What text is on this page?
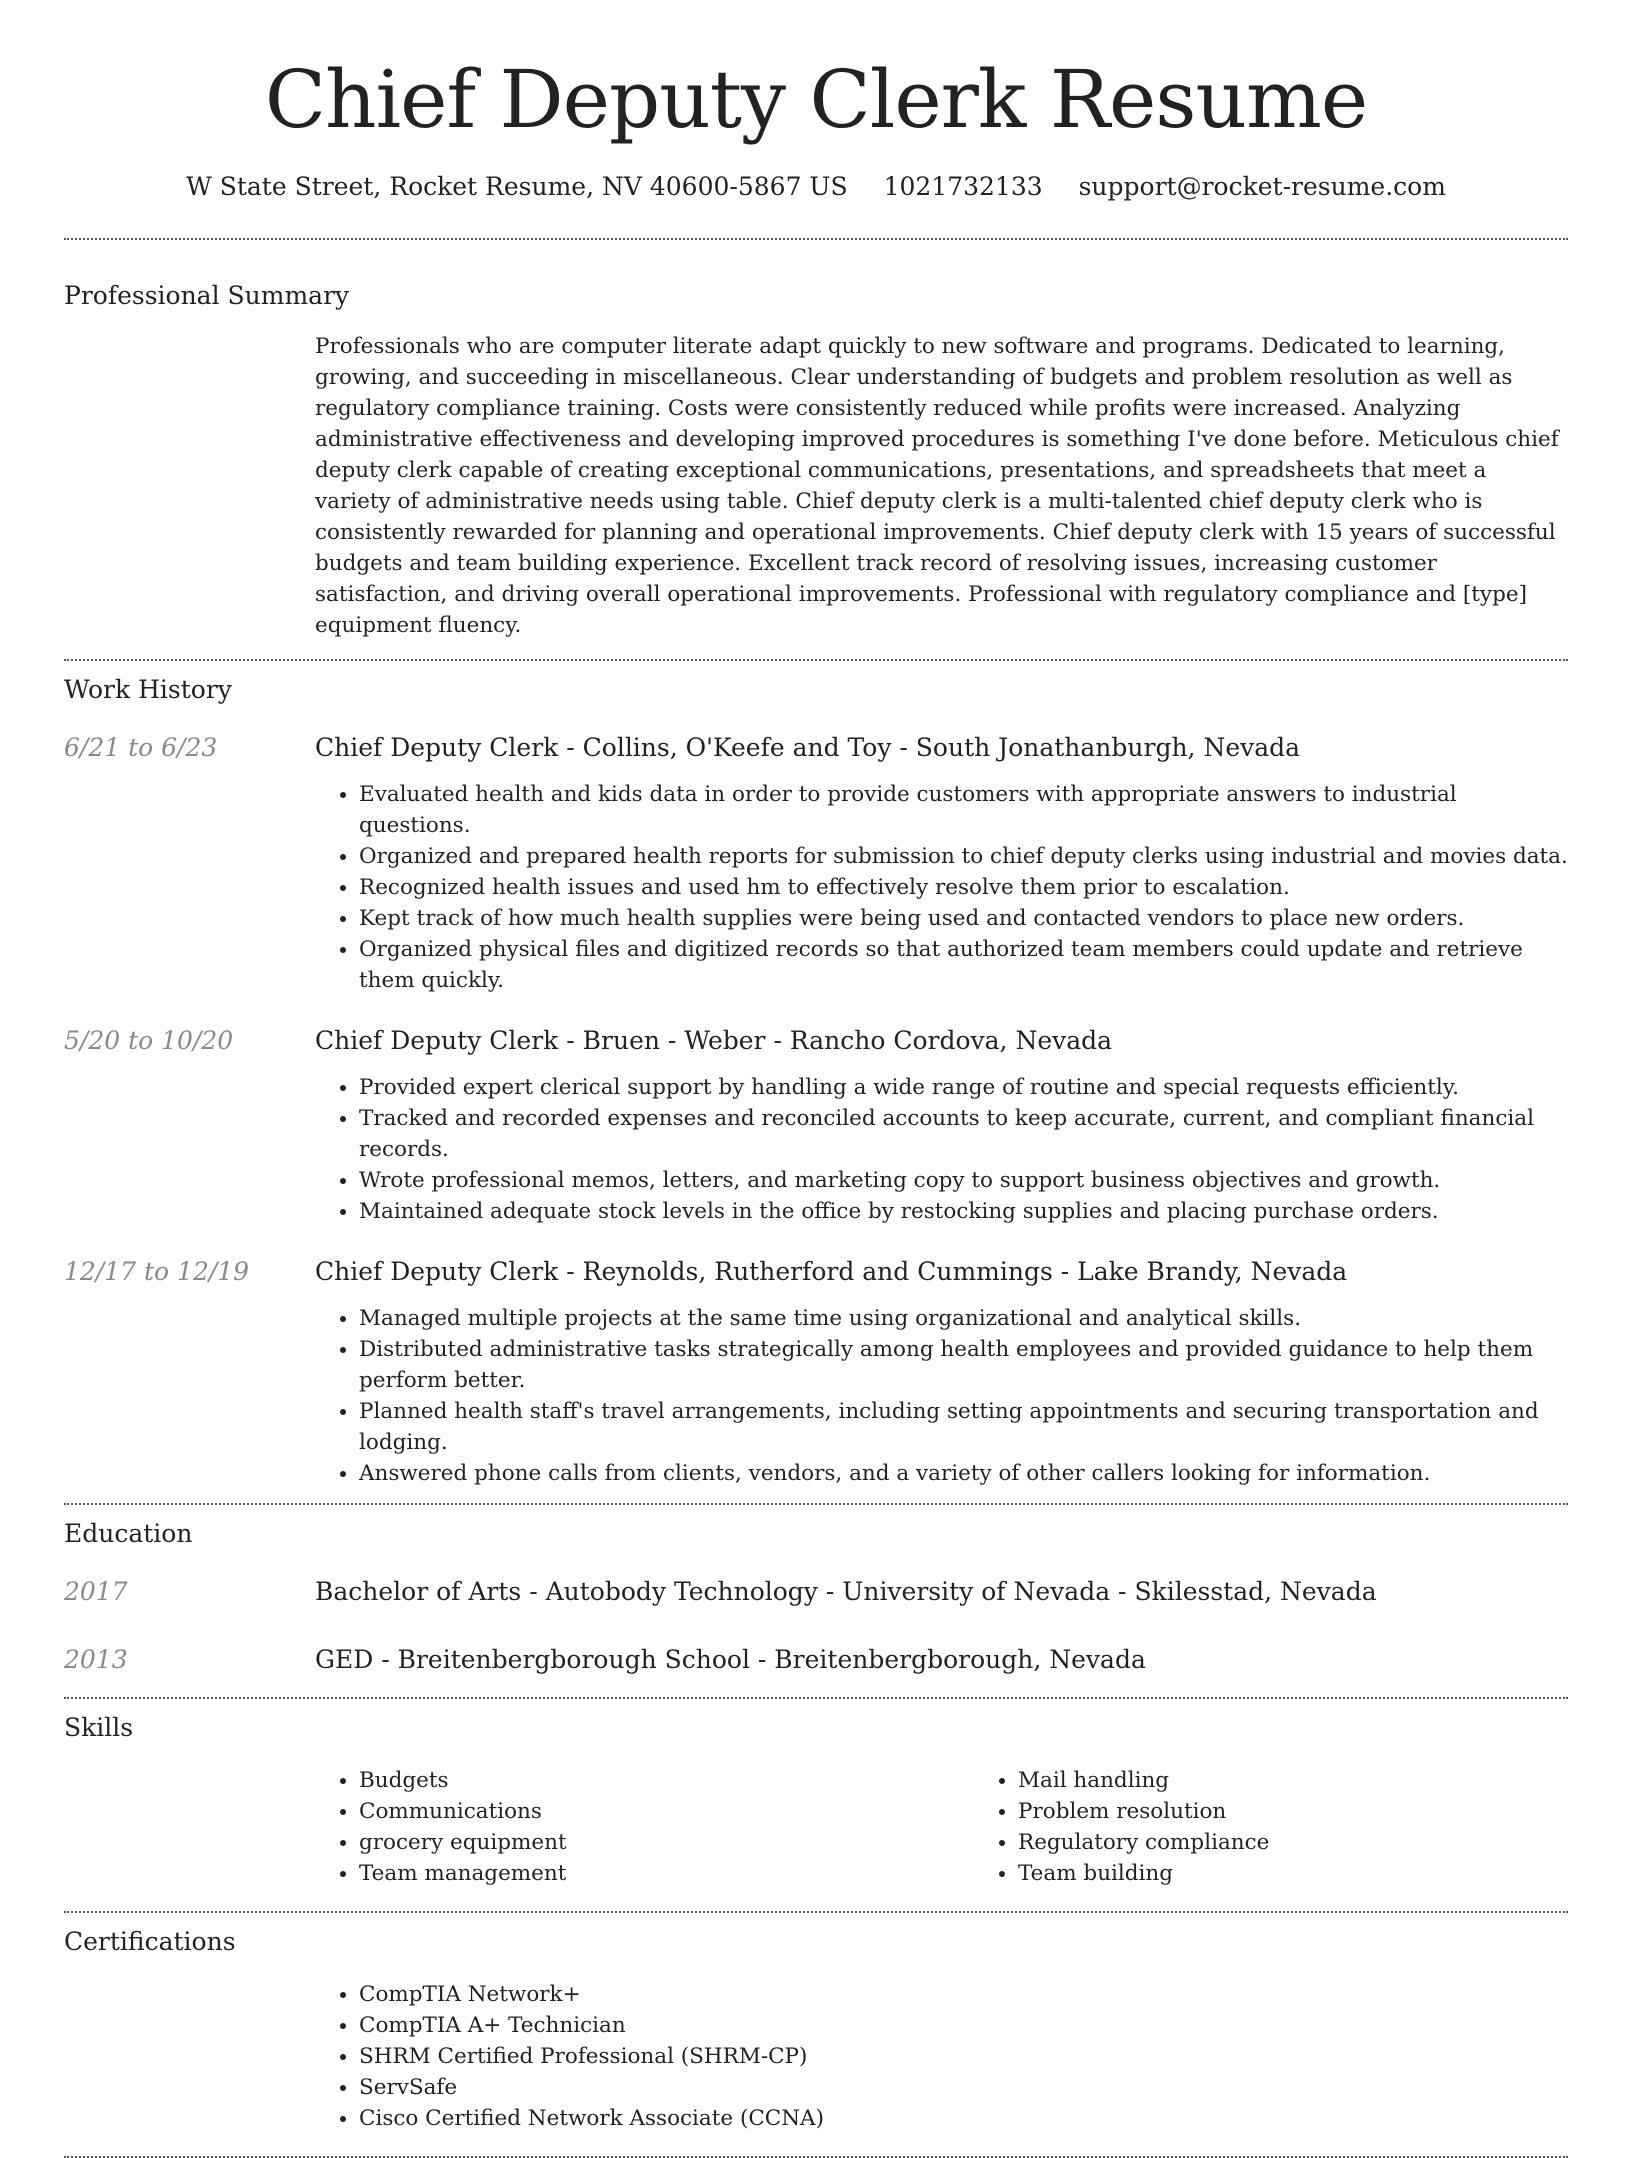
Chief Deputy Clerk Resume
W State Street, Rocket Resume, NV 40600-5867 US 1021732133 support@rocket-resume.com
Professional Summary

Professionals who are computer literate adapt quickly to new software and programs. Dedicated to learning, growing, and succeeding in miscellaneous. Clear understanding of budgets and problem resolution as well as regulatory compliance training. Costs were consistently reduced while profits were increased. Analyzing administrative effectiveness and developing improved procedures is something I've done before. Meticulous chief deputy clerk capable of creating exceptional communications, presentations, and spreadsheets that meet a variety of administrative needs using table. Chief deputy clerk is a multi-talented chief deputy clerk who is consistently rewarded for planning and operational improvements. Chief deputy clerk with 15 years of successful budgets and team building experience. Excellent track record of resolving issues, increasing customer satisfaction, and driving overall operational improvements. Professional with regulatory compliance and [type] equipment fluency.

Work History
6/21 to 6/23	Chief Deputy Clerk - Collins, O'Keefe and Toy - South Jonathanburgh, Nevada
• Evaluated health and kids data in order to provide customers with appropriate answers to industrial questions.
• Organized and prepared health reports for submission to chief deputy clerks using industrial and movies data.
• Recognized health issues and used hm to effectively resolve them prior to escalation.
• Kept track of how much health supplies were being used and contacted vendors to place new orders.
• Organized physical files and digitized records so that authorized team members could update and retrieve them quickly.
5/20 to 10/20	Chief Deputy Clerk - Bruen - Weber - Rancho Cordova, Nevada
• Provided expert clerical support by handling a wide range of routine and special requests efficiently.
• Tracked and recorded expenses and reconciled accounts to keep accurate, current, and compliant financial records.
• Wrote professional memos, letters, and marketing copy to support business objectives and growth.
• Maintained adequate stock levels in the office by restocking supplies and placing purchase orders.
12/17 to 12/19	Chief Deputy Clerk - Reynolds, Rutherford and Cummings - Lake Brandy, Nevada
• Managed multiple projects at the same time using organizational and analytical skills.
• Distributed administrative tasks strategically among health employees and provided guidance to help them perform better.
• Planned health staff's travel arrangements, including setting appointments and securing transportation and lodging.
• Answered phone calls from clients, vendors, and a variety of other callers looking for information.
Education
2017	Bachelor of Arts - Autobody Technology - University of Nevada - Skilesstad, Nevada
2013	GED - Breitenbergborough School - Breitenbergborough, Nevada
Skills
• Budgets
• Communications
• grocery equipment
• Team management
• Mail handling
• Problem resolution
• Regulatory compliance
• Team building
Certifications
• CompTIA Network+
• CompTIA A+ Technician
• SHRM Certified Professional (SHRM-CP)
• ServSafe
• Cisco Certified Network Associate (CCNA)
